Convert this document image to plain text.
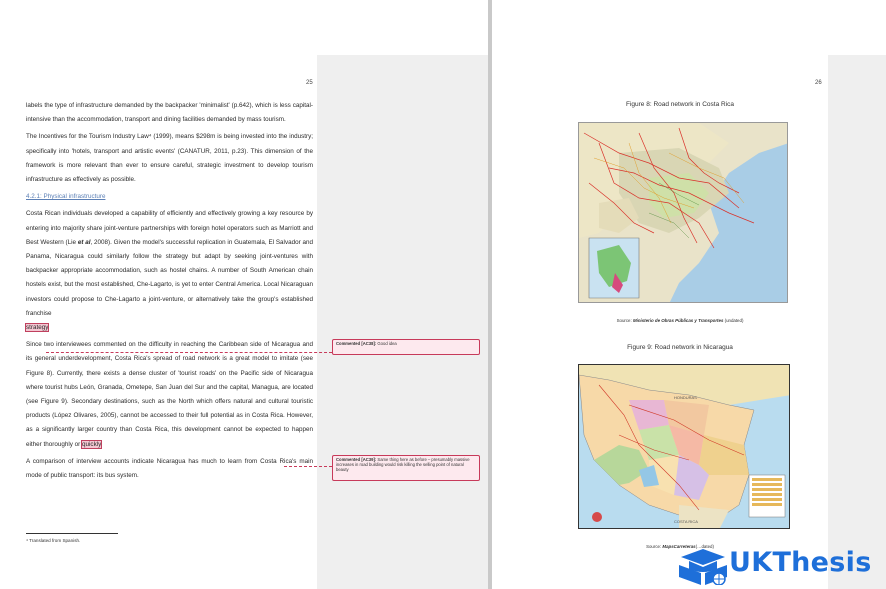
25

labels the type of infrastructure demanded by the backpacker 'minimalist' (p.642), which is less capital-intensive than the accommodation, transport and dining facilities demanded by mass tourism.

The Incentives for the Tourism Industry Law⁴ (1999), means $298m is being invested into the industry; specifically into 'hotels, transport and artistic events' (CANATUR, 2011, p.23). This dimension of the framework is more relevant than ever to ensure careful, strategic investment to develop tourism infrastructure as effectively as possible.

4.2.1: Physical infrastructure

Costa Rican individuals developed a capability of efficiently and effectively growing a key resource by entering into majority share joint-venture partnerships with foreign hotel operators such as Marriott and Best Western (Lie et al, 2008). Given the model's successful replication in Guatemala, El Salvador and Panama, Nicaragua could similarly follow the strategy but adapt by seeking joint-ventures with backpacker appropriate accommodation, such as hostel chains. A number of South American chain hostels exist, but the most established, Che-Lagarto, is yet to enter Central America. Local Nicaraguan investors could propose to Che-Lagarto a joint-venture, or alternatively take the group's established franchise
strategy

Since two interviewees commented on the difficulty in reaching the Caribbean side of Nicaragua and its general underdevelopment, Costa Rica's spread of road network is a great model to imitate (see Figure 8). Currently, there exists a dense cluster of 'tourist roads' on the Pacific side of Nicaragua where tourist hubs León, Granada, Ometepe, San Juan del Sur and the capital, Managua, are located (see Figure 9). Secondary destinations, such as the North which offers natural and cultural touristic products (López Olivares, 2005), cannot be accessed to their full potential as in Costa Rica. However, as a significantly larger country than Costa Rica, this development cannot be expected to happen either thoroughly or quickly.

A comparison of interview accounts indicate Nicaragua has much to learn from Costa Rica's main mode of public transport: its bus system.

⁴ Translated from Spanish.
Commented [AC38]: Good idea
Commented [AC39]: Same thing here as before – presumably massive increases in road building would risk killing the selling point of natural beauty
26
Figure 8: Road network in Costa Rica
Source: Ministerio de Obras Públicas y Transportes (undated)
Figure 9: Road network in Nicaragua
HONDURAS
COSTA RICA
Source: MapsCarreteras(…dated)
UKThesis
